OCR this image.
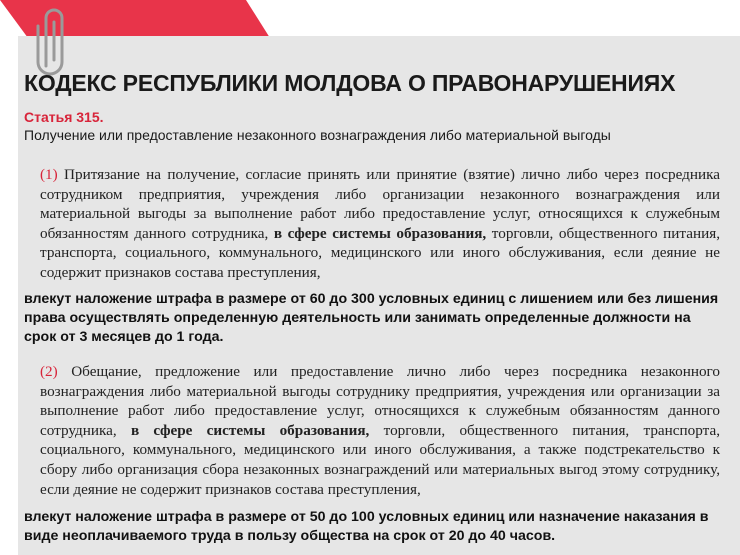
КОДЕКС РЕСПУБЛИКИ МОЛДОВА О ПРАВОНАРУШЕНИЯХ
Статья 315.
Получение или предоставление незаконного вознаграждения либо материальной выгоды

(1) Притязание на получение, согласие принять или принятие (взятие) лично либо через посредника сотрудником предприятия, учреждения либо организации незаконного вознаграждения или материальной выгоды за выполнение работ либо предоставление услуг, относящихся к служебным обязанностям данного сотрудника, в сфере системы образования, торговли, общественного питания, транспорта, социального, коммунального, медицинского или иного обслуживания, если деяние не содержит признаков состава преступления,

влекут наложение штрафа в размере от 60 до 300 условных единиц с лишением или без лишения права осуществлять определенную деятельность или занимать определенные должности на срок от 3 месяцев до 1 года.

(2) Обещание, предложение или предоставление лично либо через посредника незаконного вознаграждения либо материальной выгоды сотруднику предприятия, учреждения или организации за выполнение работ либо предоставление услуг, относящихся к служебным обязанностям данного сотрудника, в сфере системы образования, торговли, общественного питания, транспорта, социального, коммунального, медицинского или иного обслуживания, а также подстрекательство к сбору либо организация сбора незаконных вознаграждений или материальных выгод этому сотруднику, если деяние не содержит признаков состава преступления,

влекут наложение штрафа в размере от 50 до 100 условных единиц или назначение наказания в виде неоплачиваемого труда в пользу общества на срок от 20 до 40 часов.
